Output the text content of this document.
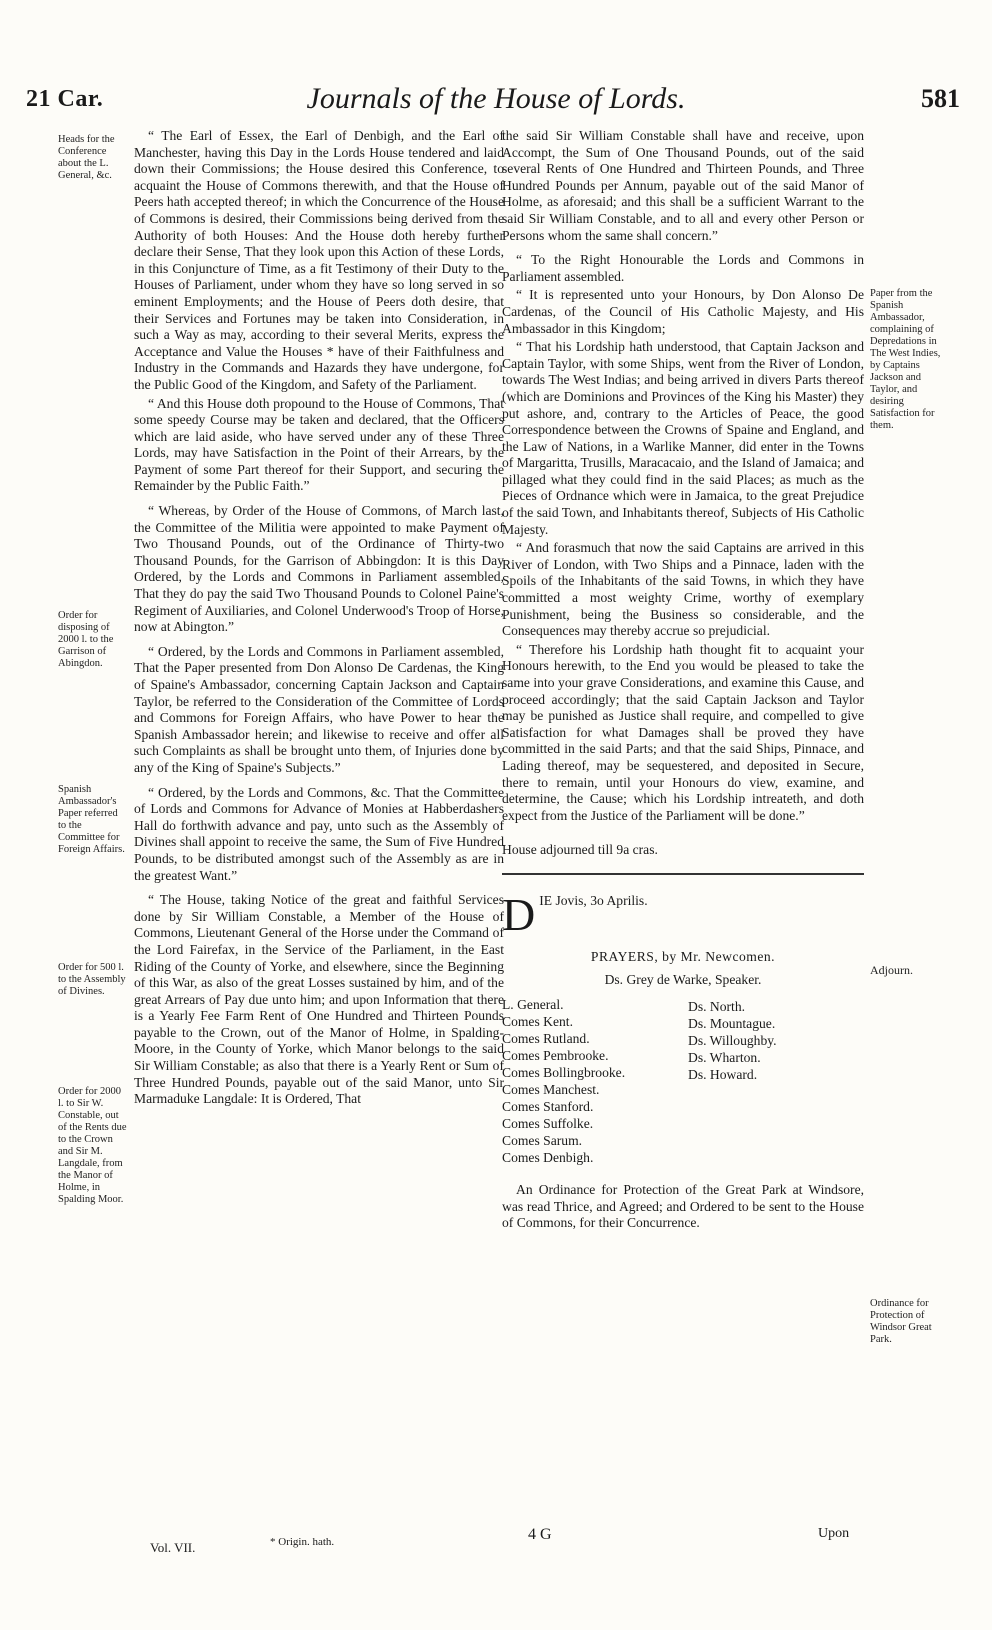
21 Car.	Journals of the House of Lords.	581
Heads for the Conference about the L. General, &c.
Order for disposing of 2000 l. to the Garrison of Abingdon.
Spanish Ambassador's Paper referred to the Committee for Foreign Affairs.
Order for 500 l. to the Assembly of Divines.
Order for 2000 l. to Sir W. Constable, out of the Rents due to the Crown and Sir M. Langdale, from the Manor of Holme, in Spalding Moor.
Paper from the Spanish Ambassador, complaining of Depredations in The West Indies, by Captains Jackson and Taylor, and desiring Satisfaction for them.
Adjourn.
Ordinance for Protection of Windsor Great Park.

“ The Earl of Essex, the Earl of Denbigh, and the Earl of Manchester, having this Day in the Lords House tendered and laid down their Commissions; the House desired this Conference, to acquaint the House of Commons therewith, and that the House of Peers hath accepted thereof; in which the Concurrence of the House of Commons is desired, their Commissions being derived from the Authority of both Houses: And the House doth hereby further declare their Sense, That they look upon this Action of these Lords, in this Conjuncture of Time, as a fit Testimony of their Duty to the Houses of Parliament, under whom they have so long served in so eminent Employments; and the House of Peers doth desire, that their Services and Fortunes may be taken into Consideration, in such a Way as may, according to their several Merits, express the Acceptance and Value the Houses * have of their Faithfulness and Industry in the Commands and Hazards they have undergone, for the Public Good of the Kingdom, and Safety of the Parliament.

“ And this House doth propound to the House of Commons, That some speedy Course may be taken and declared, that the Officers which are laid aside, who have served under any of these Three Lords, may have Satisfaction in the Point of their Arrears, by the Payment of some Part thereof for their Support, and securing the Remainder by the Public Faith.”

“ Whereas, by Order of the House of Commons, of March last, the Committee of the Militia were appointed to make Payment of Two Thousand Pounds, out of the Ordinance of Thirty-two Thousand Pounds, for the Garrison of Abbingdon: It is this Day Ordered, by the Lords and Commons in Parliament assembled, That they do pay the said Two Thousand Pounds to Colonel Paine's Regiment of Auxiliaries, and Colonel Underwood's Troop of Horse, now at Abington.”

“ Ordered, by the Lords and Commons in Parliament assembled, That the Paper presented from Don Alonso De Cardenas, the King of Spaine's Ambassador, concerning Captain Jackson and Captain Taylor, be referred to the Consideration of the Committee of Lords and Commons for Foreign Affairs, who have Power to hear the Spanish Ambassador herein; and likewise to receive and offer all such Complaints as shall be brought unto them, of Injuries done by any of the King of Spaine's Subjects.”

“ Ordered, by the Lords and Commons, &c. That the Committee of Lords and Commons for Advance of Monies at Habberdashers Hall do forthwith advance and pay, unto such as the Assembly of Divines shall appoint to receive the same, the Sum of Five Hundred Pounds, to be distributed amongst such of the Assembly as are in the greatest Want.”

“ The House, taking Notice of the great and faithful Services done by Sir William Constable, a Member of the House of Commons, Lieutenant General of the Horse under the Command of the Lord Fairefax, in the Service of the Parliament, in the East Riding of the County of Yorke, and elsewhere, since the Beginning of this War, as also of the great Losses sustained by him, and of the great Arrears of Pay due unto him; and upon Information that there is a Yearly Fee Farm Rent of One Hundred and Thirteen Pounds payable to the Crown, out of the Manor of Holme, in Spalding-Moore, in the County of Yorke, which Manor belongs to the said Sir William Constable; as also that there is a Yearly Rent or Sum of Three Hundred Pounds, payable out of the said Manor, unto Sir Marmaduke Langdale: It is Ordered, That

the said Sir William Constable shall have and receive, upon Accompt, the Sum of One Thousand Pounds, out of the said several Rents of One Hundred and Thirteen Pounds, and Three Hundred Pounds per Annum, payable out of the said Manor of Holme, as aforesaid; and this shall be a sufficient Warrant to the said Sir William Constable, and to all and every other Person or Persons whom the same shall concern.”

“ To the Right Honourable the Lords and Commons in Parliament assembled.

“ It is represented unto your Honours, by Don Alonso De Cardenas, of the Council of His Catholic Majesty, and His Ambassador in this Kingdom;

“ That his Lordship hath understood, that Captain Jackson and Captain Taylor, with some Ships, went from the River of London, towards The West Indias; and being arrived in divers Parts thereof (which are Dominions and Provinces of the King his Master) they put ashore, and, contrary to the Articles of Peace, the good Correspondence between the Crowns of Spaine and England, and the Law of Nations, in a Warlike Manner, did enter in the Towns of Margaritta, Trusills, Maracacaio, and the Island of Jamaica; and pillaged what they could find in the said Places; as much as the Pieces of Ordnance which were in Jamaica, to the great Prejudice of the said Town, and Inhabitants thereof, Subjects of His Catholic Majesty.

“ And forasmuch that now the said Captains are arrived in this River of London, with Two Ships and a Pinnace, laden with the Spoils of the Inhabitants of the said Towns, in which they have committed a most weighty Crime, worthy of exemplary Punishment, being the Business so considerable, and the Consequences may thereby accrue so prejudicial.

“ Therefore his Lordship hath thought fit to acquaint your Honours herewith, to the End you would be pleased to take the same into your grave Considerations, and examine this Cause, and proceed accordingly; that the said Captain Jackson and Taylor may be punished as Justice shall require, and compelled to give Satisfaction for what Damages shall be proved they have committed in the said Parts; and that the said Ships, Pinnace, and Lading thereof, may be sequestered, and deposited in Secure, there to remain, until your Honours do view, examine, and determine, the Cause; which his Lordship intreateth, and doth expect from the Justice of the Parliament will be done.”

House adjourned till 9a cras.

D IE Jovis, 3o Aprilis.

PRAYERS, by Mr. Newcomen.

Ds. Grey de Warke, Speaker.

L. General.
Comes Kent.
Comes Rutland.
Comes Pembrooke.
Comes Bollingbrooke.
Comes Manchest.
Comes Stanford.
Comes Suffolke.
Comes Sarum.
Comes Denbigh.
Ds. North.
Ds. Mountague.
Ds. Willoughby.
Ds. Wharton.
Ds. Howard.

An Ordinance for Protection of the Great Park at Windsore, was read Thrice, and Agreed; and Ordered to be sent to the House of Commons, for their Concurrence.

Vol. VII.	* Origin. hath.	4 G	Upon
